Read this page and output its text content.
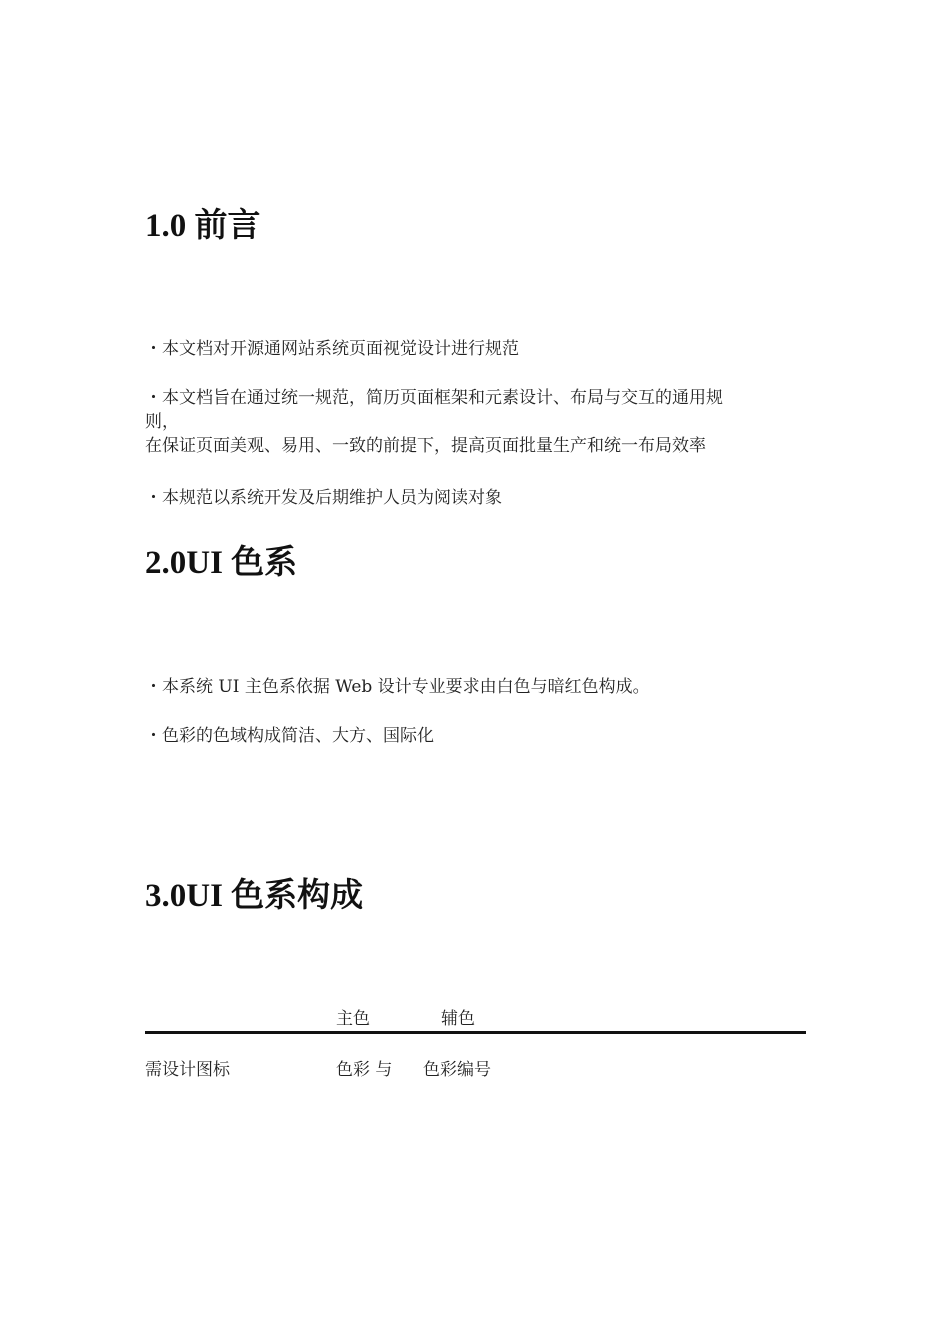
1.0 前言

・本文档对开源通网站系统页面视觉设计进行规范

・本文档旨在通过统一规范，简历页面框架和元素设计、布局与交互的通用规
则，
在保证页面美观、易用、一致的前提下，提高页面批量生产和统一布局效率

・本规范以系统开发及后期维护人员为阅读对象

2.0UI 色系

・本系统 UI 主色系依据 Web 设计专业要求由白色与暗红色构成。

・色彩的色域构成简洁、大方、国际化

3.0UI 色系构成
主色	辅色
需设计图标	色彩 与 色彩编号
